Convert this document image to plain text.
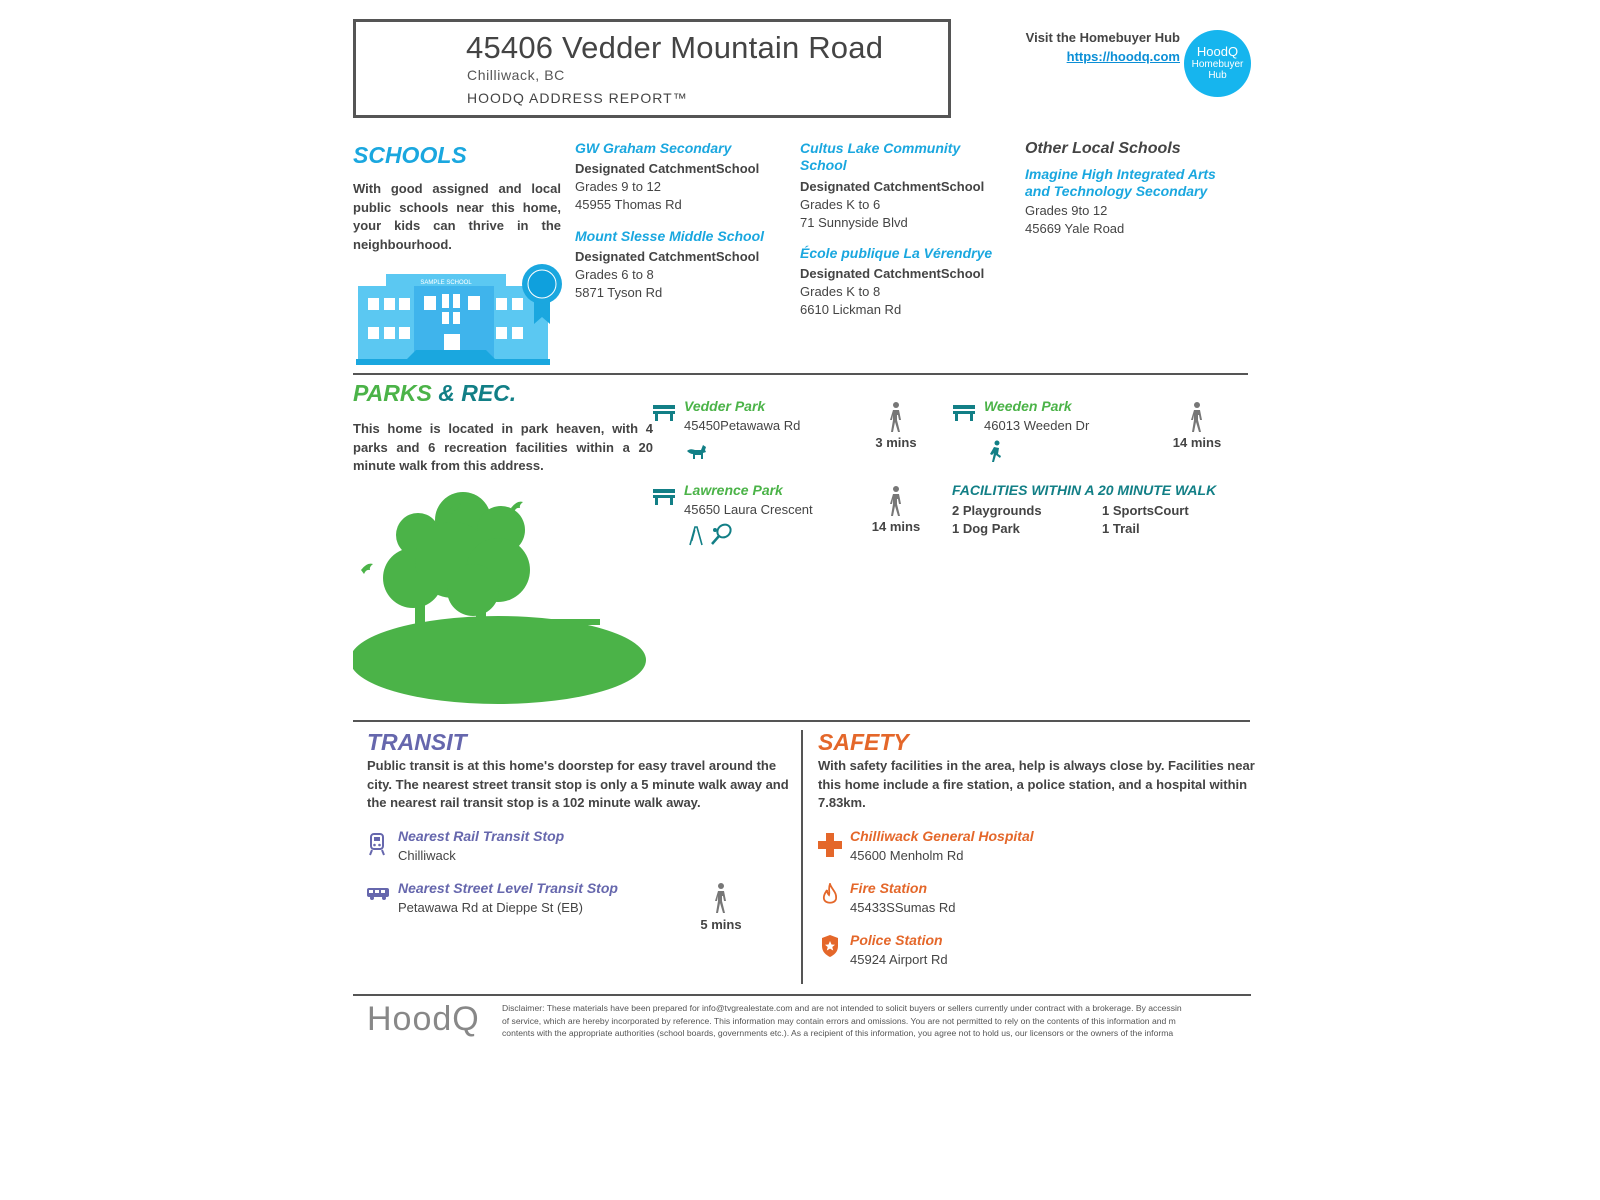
45406 Vedder Mountain Road
Chilliwack, BC
HOODQ ADDRESS REPORT™
Visit the Homebuyer Hub
https://hoodq.com	HoodQ
Homebuyer
Hub
SCHOOLS
With good assigned and local public schools near this home, your kids can thrive in the neighbourhood.
SAMPLE SCHOOL
GW Graham Secondary
Designated CatchmentSchool
Grades 9 to 12
45955 Thomas Rd
Mount Slesse Middle School
Designated CatchmentSchool
Grades 6 to 8
5871 Tyson Rd
Cultus Lake Community School
Designated CatchmentSchool
Grades K to 6
71 Sunnyside Blvd
École publique La Vérendrye
Designated CatchmentSchool
Grades K to 8
6610 Lickman Rd
Other Local Schools
Imagine High Integrated Arts and Technology Secondary
Grades 9to 12
45669 Yale Road
PARKS & REC.
This home is located in park heaven, with 4 parks and 6 recreation facilities within a 20 minute walk from this address.
Vedder Park
45450Petawawa Rd
3 mins
Weeden Park
46013 Weeden Dr
14 mins
Lawrence Park
45650 Laura Crescent
14 mins
FACILITIES WITHIN A 20 MINUTE WALK
2 Playgrounds	1 SportsCourt
1 Dog Park	1 Trail
TRANSIT
Public transit is at this home's doorstep for easy travel around the city. The nearest street transit stop is only a 5 minute walk away and the nearest rail transit stop is a 102 minute walk away.
Nearest Rail Transit Stop
Chilliwack
Nearest Street Level Transit Stop
Petawawa Rd at Dieppe St (EB)
5 mins
SAFETY
With safety facilities in the area, help is always close by. Facilities near this home include a fire station, a police station, and a hospital within 7.83km.
Chilliwack General Hospital
45600 Menholm Rd
Fire Station
45433SSumas Rd
Police Station
45924 Airport Rd
HoodQ	Disclaimer: These materials have been prepared for info@tvgrealestate.com and are not intended to solicit buyers or sellers currently under contract with a brokerage. By accessin
of service, which are hereby incorporated by reference. This information may contain errors and omissions. You are not permitted to rely on the contents of this information and m
contents with the appropriate authorities (school boards, governments etc.). As a recipient of this information, you agree not to hold us, our licensors or the owners of the informa
